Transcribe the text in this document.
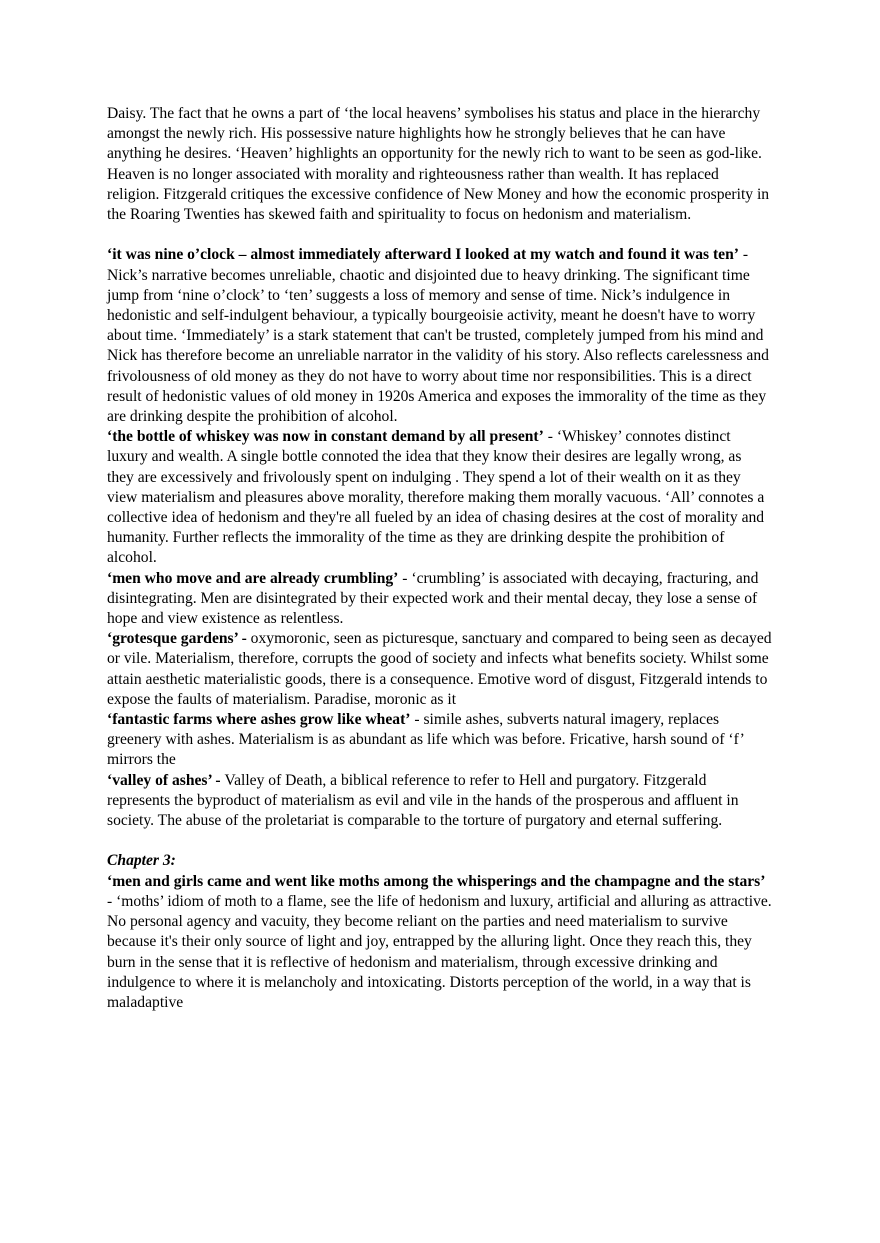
Daisy. The fact that he owns a part of ‘the local heavens’ symbolises his status and place in the hierarchy amongst the newly rich. His possessive nature highlights how he strongly believes that he can have anything he desires. ‘Heaven’ highlights an opportunity for the newly rich to want to be seen as god-like. Heaven is no longer associated with morality and righteousness rather than wealth. It has replaced religion. Fitzgerald critiques the excessive confidence of New Money and how the economic prosperity in the Roaring Twenties has skewed faith and spirituality to focus on hedonism and materialism.

‘it was nine o’clock – almost immediately afterward I looked at my watch and found it was ten’ - Nick’s narrative becomes unreliable, chaotic and disjointed due to heavy drinking. The significant time jump from ‘nine o’clock’ to ‘ten’ suggests a loss of memory and sense of time. Nick’s indulgence in hedonistic and self-indulgent behaviour, a typically bourgeoisie activity, meant he doesn't have to worry about time. ‘Immediately’ is a stark statement that can't be trusted, completely jumped from his mind and Nick has therefore become an unreliable narrator in the validity of his story. Also reflects carelessness and frivolousness of old money as they do not have to worry about time nor responsibilities. This is a direct result of hedonistic values of old money in 1920s America and exposes the immorality of the time as they are drinking despite the prohibition of alcohol.

‘the bottle of whiskey was now in constant demand by all present’ - ‘Whiskey’ connotes distinct luxury and wealth. A single bottle connoted the idea that they know their desires are legally wrong, as they are excessively and frivolously spent on indulging . They spend a lot of their wealth on it as they view materialism and pleasures above morality, therefore making them morally vacuous. ‘All’ connotes a collective idea of hedonism and they're all fueled by an idea of chasing desires at the cost of morality and humanity. Further reflects the immorality of the time as they are drinking despite the prohibition of alcohol.

‘men who move and are already crumbling’ - ‘crumbling’ is associated with decaying, fracturing, and disintegrating. Men are disintegrated by their expected work and their mental decay, they lose a sense of hope and view existence as relentless.

‘grotesque gardens’ - oxymoronic, seen as picturesque, sanctuary and compared to being seen as decayed or vile. Materialism, therefore, corrupts the good of society and infects what benefits society. Whilst some attain aesthetic materialistic goods, there is a consequence. Emotive word of disgust, Fitzgerald intends to expose the faults of materialism. Paradise, moronic as it

‘fantastic farms where ashes grow like wheat’ - simile ashes, subverts natural imagery, replaces greenery with ashes. Materialism is as abundant as life which was before. Fricative, harsh sound of ‘f’ mirrors the

‘valley of ashes’ - Valley of Death, a biblical reference to refer to Hell and purgatory. Fitzgerald represents the byproduct of materialism as evil and vile in the hands of the prosperous and affluent in society. The abuse of the proletariat is comparable to the torture of purgatory and eternal suffering.

Chapter 3:

‘men and girls came and went like moths among the whisperings and the champagne and the stars’ - ‘moths’ idiom of moth to a flame, see the life of hedonism and luxury, artificial and alluring as attractive. No personal agency and vacuity, they become reliant on the parties and need materialism to survive because it's their only source of light and joy, entrapped by the alluring light. Once they reach this, they burn in the sense that it is reflective of hedonism and materialism, through excessive drinking and indulgence to where it is melancholy and intoxicating. Distorts perception of the world, in a way that is maladaptive
